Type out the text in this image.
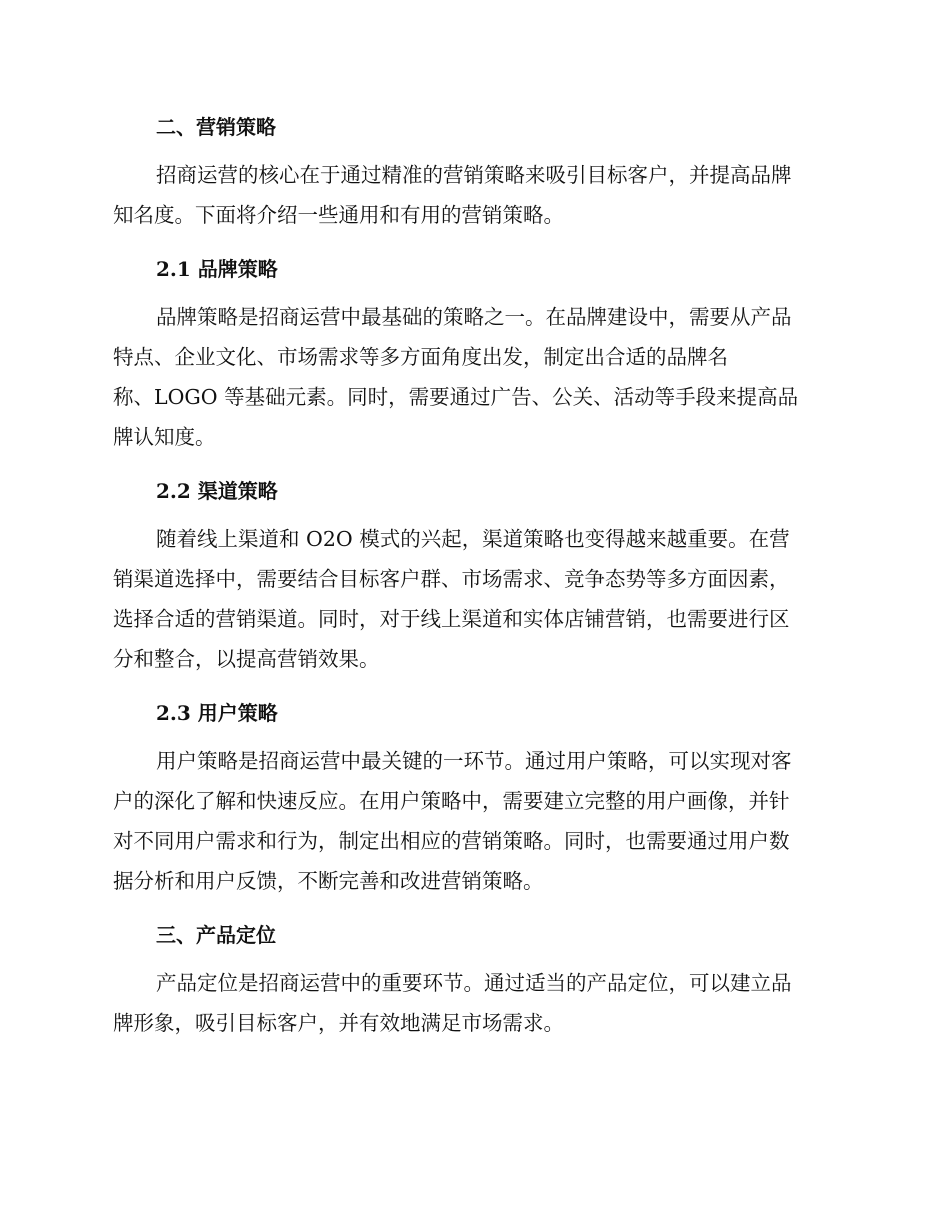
二、营销策略

招商运营的核心在于通过精准的营销策略来吸引目标客户，并提高品牌
知名度。下面将介绍一些通用和有用的营销策略。

2.1 品牌策略

品牌策略是招商运营中最基础的策略之一。在品牌建设中，需要从产品
特点、企业文化、市场需求等多方面角度出发，制定出合适的品牌名
称、LOGO 等基础元素。同时，需要通过广告、公关、活动等手段来提高品
牌认知度。

2.2 渠道策略

随着线上渠道和 O2O 模式的兴起，渠道策略也变得越来越重要。在营
销渠道选择中，需要结合目标客户群、市场需求、竞争态势等多方面因素，
选择合适的营销渠道。同时，对于线上渠道和实体店铺营销，也需要进行区
分和整合，以提高营销效果。

2.3 用户策略

用户策略是招商运营中最关键的一环节。通过用户策略，可以实现对客
户的深化了解和快速反应。在用户策略中，需要建立完整的用户画像，并针
对不同用户需求和行为，制定出相应的营销策略。同时，也需要通过用户数
据分析和用户反馈，不断完善和改进营销策略。

三、产品定位

产品定位是招商运营中的重要环节。通过适当的产品定位，可以建立品
牌形象，吸引目标客户，并有效地满足市场需求。
